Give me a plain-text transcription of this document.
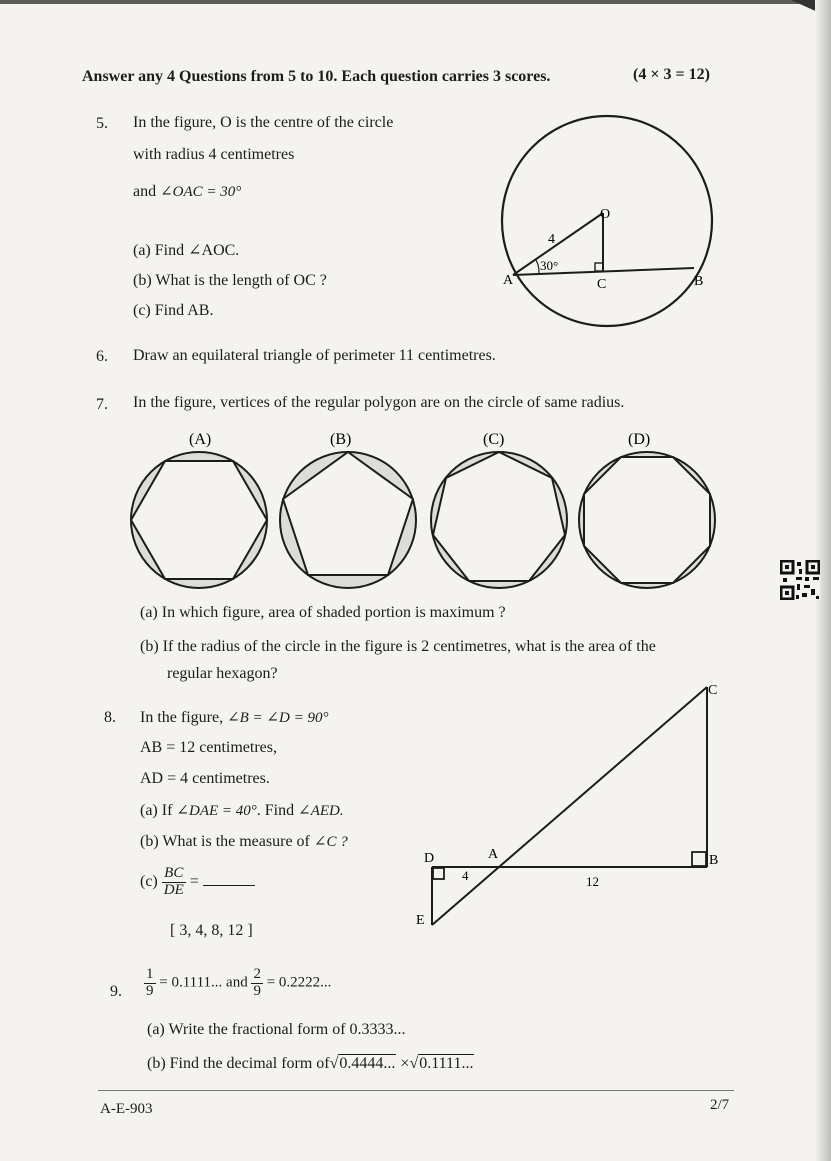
Answer any 4 Questions from 5 to 10. Each question carries 3 scores.	(4 × 3 = 12)
5. In the figure, O is the centre of the circle
with radius 4 centimetres
and ∠OAC = 30°
(a) Find ∠AOC.
(b) What is the length of OC ?
(c) Find AB.
O
A	B
C
4
30°
6. Draw an equilateral triangle of perimeter 11 centimetres.
7. In the figure, vertices of the regular polygon are on the circle of same radius.
(A)	(B)	(C)	(D)
(a) In which figure, area of shaded portion is maximum ?
(b) If the radius of the circle in the figure is 2 centimetres, what is the area of the
regular hexagon?
8. In the figure, ∠B = ∠D = 90°
AB = 12 centimetres,
AD = 4 centimetres.
(a) If ∠DAE = 40°. Find ∠AED.
(b) What is the measure of ∠C ?
$(c) \frac{BC}{DE}$ =
[ 3, 4, 8, 12 ]
C
D	A	B
E
4	12
9. $\frac{1}{9} = 0.1111$... and $\frac{2}{9} = 0.2222$...
(a) Write the fractional form of 0.3333...
(b) Find the decimal form of√0.4444... ×√0.1111...
A-E-903	2/7
